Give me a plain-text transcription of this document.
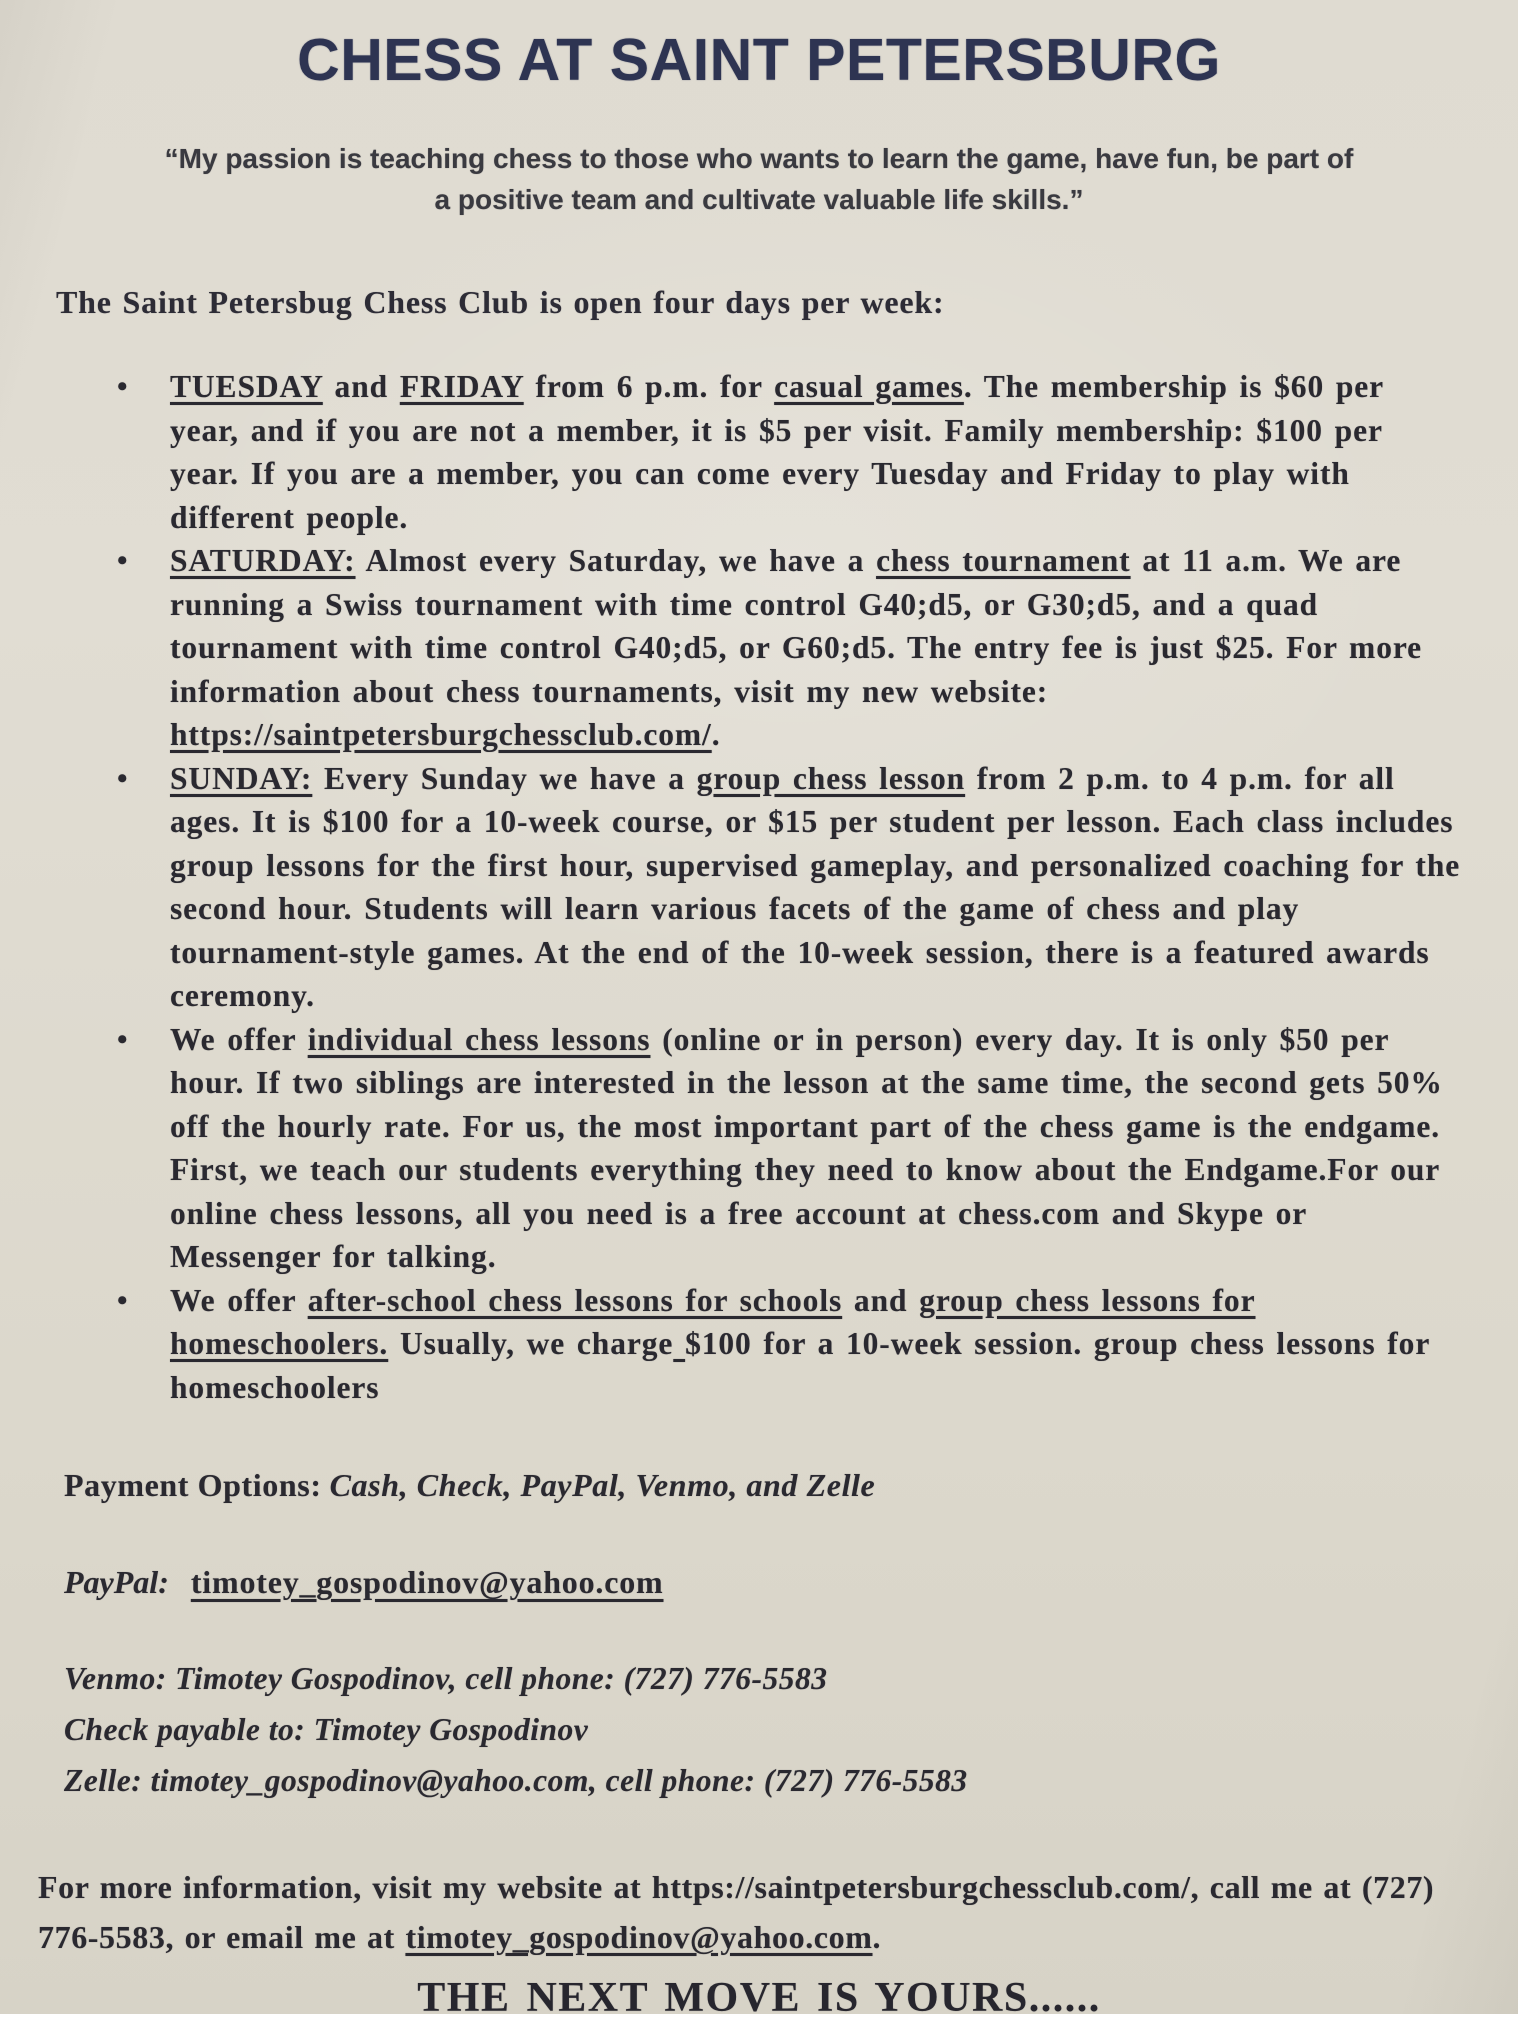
CHESS AT SAINT PETERSBURG
“My passion is teaching chess to those who wants to learn the game, have fun, be part of
a positive team and cultivate valuable life skills.”
The Saint Petersbug Chess Club is open four days per week:
• TUESDAY and FRIDAY from 6 p.m. for casual games. The membership is $60 per year, and if you are not a member, it is $5 per visit. Family membership: $100 per year. If you are a member, you can come every Tuesday and Friday to play with different people.
• SATURDAY: Almost every Saturday, we have a chess tournament at 11 a.m. We are running a Swiss tournament with time control G40;d5, or G30;d5, and a quad tournament with time control G40;d5, or G60;d5. The entry fee is just $25. For more information about chess tournaments, visit my new website: https://saintpetersburgchessclub.com/.
• SUNDAY: Every Sunday we have a group chess lesson from 2 p.m. to 4 p.m. for all ages. It is $100 for a 10-week course, or $15 per student per lesson. Each class includes group lessons for the first hour, supervised gameplay, and personalized coaching for the second hour. Students will learn various facets of the game of chess and play tournament-style games. At the end of the 10-week session, there is a featured awards ceremony.
• We offer individual chess lessons (online or in person) every day. It is only $50 per hour. If two siblings are interested in the lesson at the same time, the second gets 50% off the hourly rate. For us, the most important part of the chess game is the endgame. First, we teach our students everything they need to know about the Endgame.For our online chess lessons, all you need is a free account at chess.com and Skype or Messenger for talking.
• We offer after-school chess lessons for schools and group chess lessons for homeschoolers. Usually, we charge $100 for a 10-week session. group chess lessons for homeschoolers
Payment Options: Cash, Check, PayPal, Venmo, and Zelle
PayPal: timotey_gospodinov@yahoo.com
Venmo: Timotey Gospodinov, cell phone: (727) 776-5583
Check payable to: Timotey Gospodinov
Zelle: timotey_gospodinov@yahoo.com, cell phone: (727) 776-5583
For more information, visit my website at https://saintpetersburgchessclub.com/, call me at (727) 776-5583, or email me at timotey_gospodinov@yahoo.com.
THE NEXT MOVE IS YOURS......
